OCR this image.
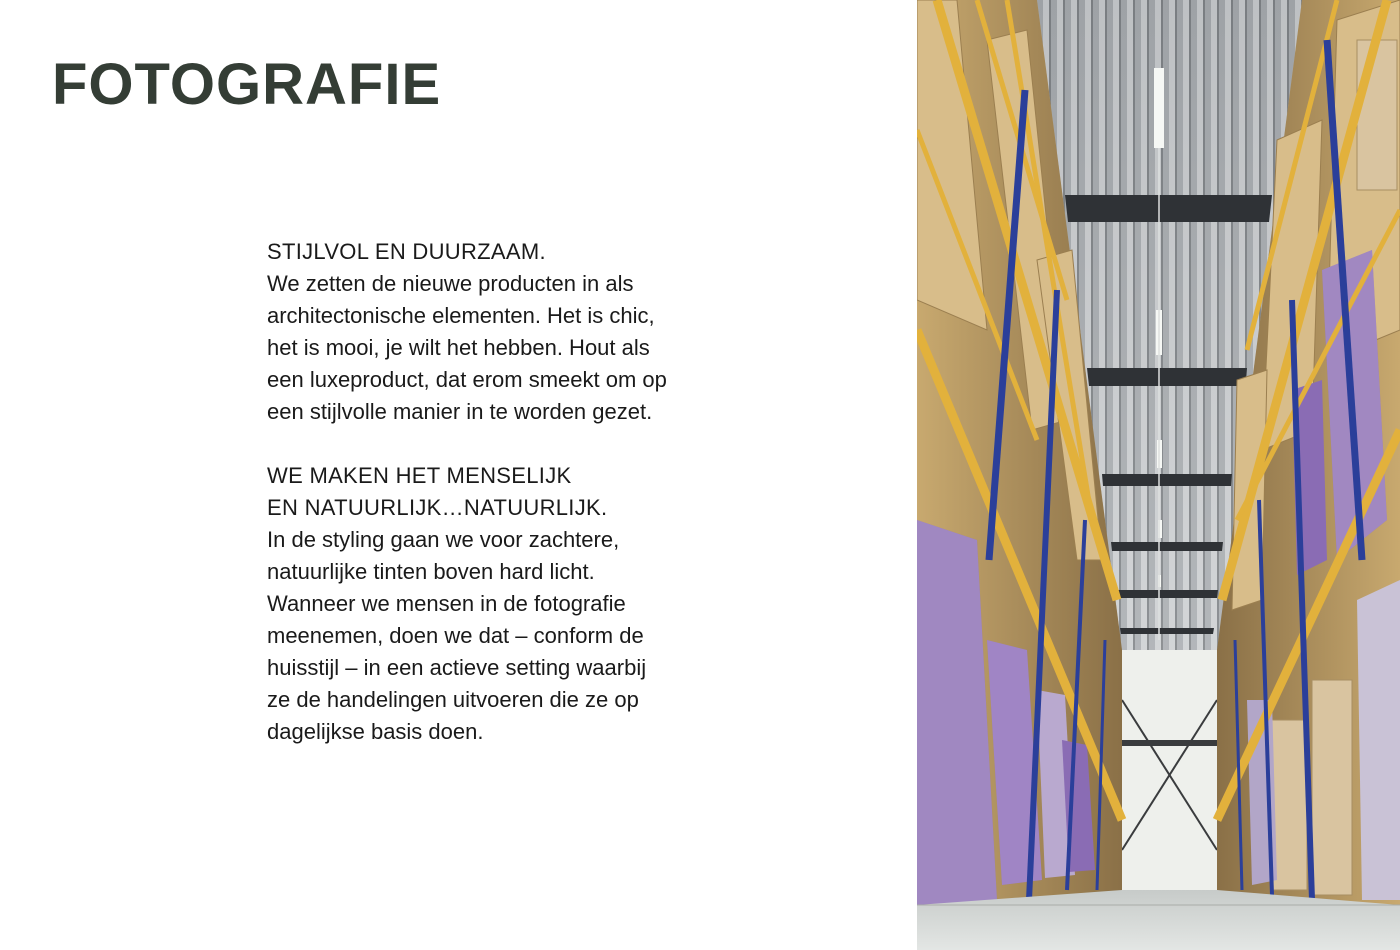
FOTOGRAFIE
STIJLVOL EN DUURZAAM.
We zetten de nieuwe producten in als
architectonische elementen. Het is chic,
het is mooi, je wilt het hebben. Hout als
een luxeproduct, dat erom smeekt om op
een stijlvolle manier in te worden gezet.
WE MAKEN HET MENSELIJK
EN NATUURLIJK…NATUURLIJK.
In de styling gaan we voor zachtere,
natuurlijke tinten boven hard licht.
Wanneer we mensen in de fotografie
meenemen, doen we dat – conform de
huisstijl – in een actieve setting waarbij
ze de handelingen uitvoeren die ze op
dagelijkse basis doen.
